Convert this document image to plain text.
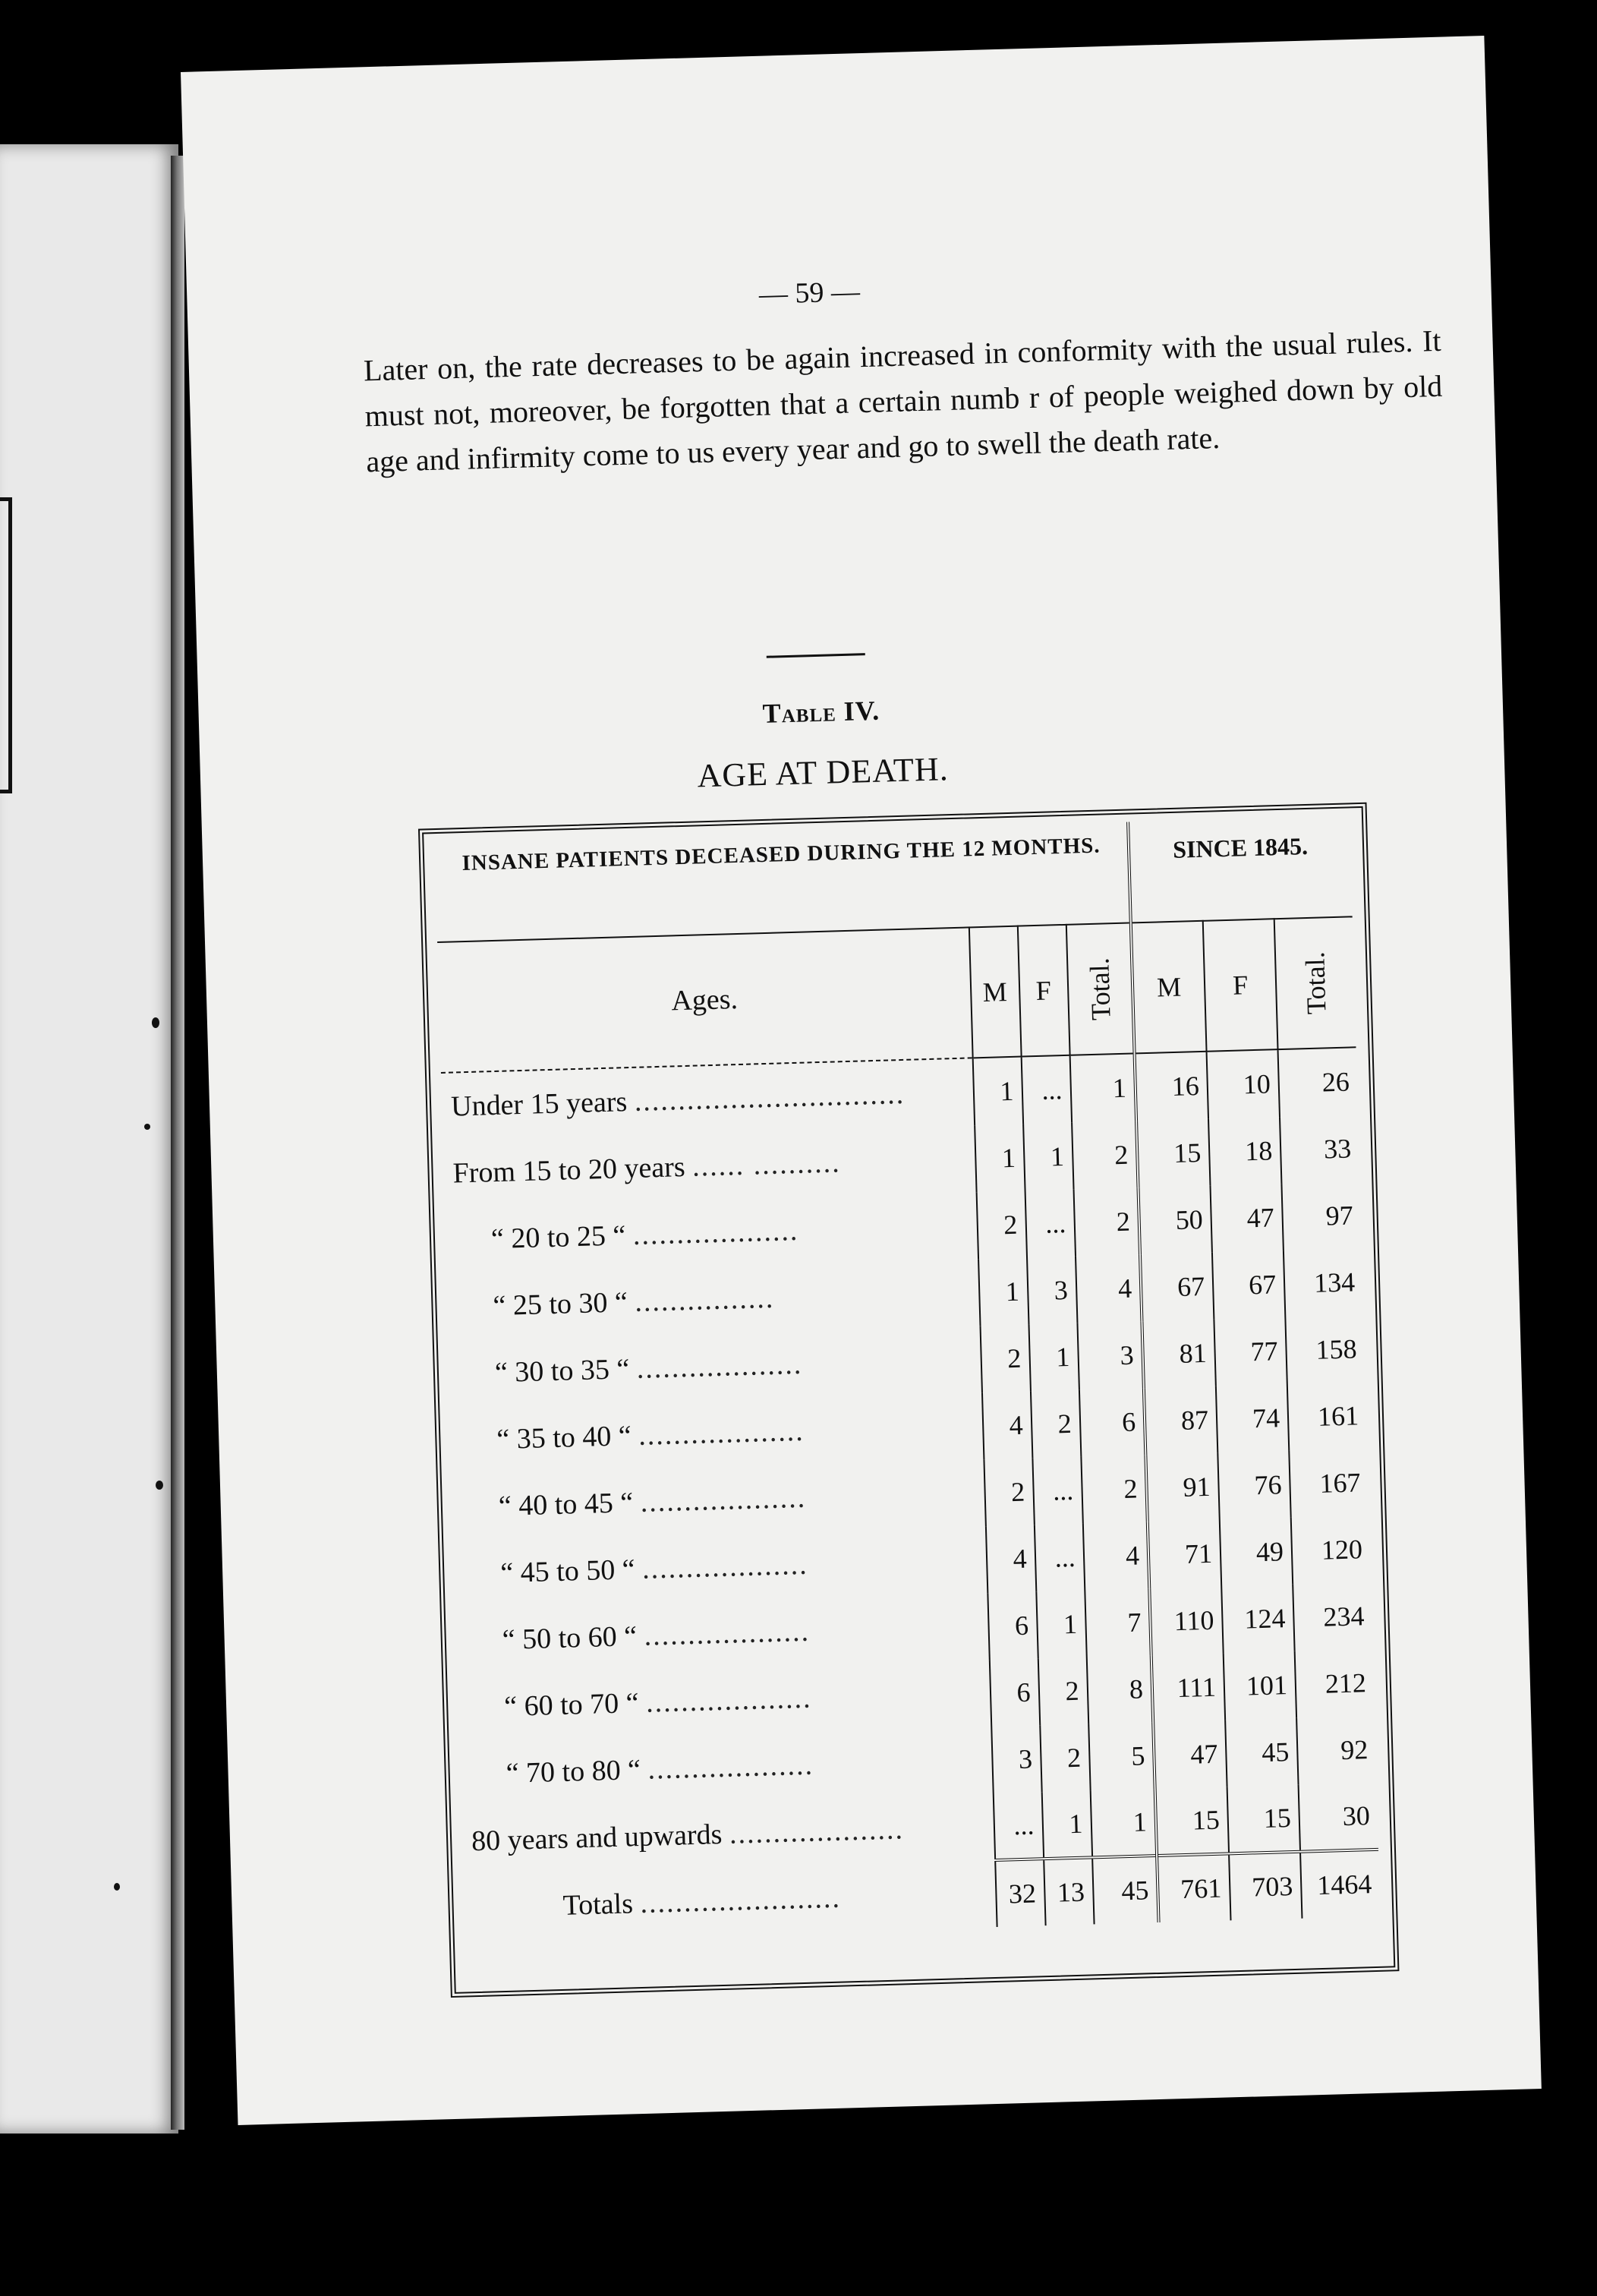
— 59 —
Later on, the rate decreases to be again increased in conformity with the usual rules. It must not, moreover, be forgotten that a certain numb r of people weighed down by old age and infirmity come to us every year and go to swell the death rate.
Table IV.
AGE AT DEATH.
INSANE PATIENTS DECEASED DURING THE 12 MONTHS.				SINCE 1845.		
Ages.	M	F	Total.	M	F	Total.
Under 15 years ...............................	1	...	1	16	10	26
From 15 to 20 years ...... ..........	1	1	2	15	18	33
“ 20 to 25 “ ...................	2	...	2	50	47	97
“ 25 to 30 “ ................	1	3	4	67	67	134
“ 30 to 35 “ ...................	2	1	3	81	77	158
“ 35 to 40 “ ...................	4	2	6	87	74	161
“ 40 to 45 “ ...................	2	...	2	91	76	167
“ 45 to 50 “ ...................	4	...	4	71	49	120
“ 50 to 60 “ ...................	6	1	7	110	124	234
“ 60 to 70 “ ...................	6	2	8	111	101	212
“ 70 to 80 “ ...................	3	2	5	47	45	92
80 years and upwards ....................	...	1	1	15	15	30
Totals .......................	32	13	45	761	703	1464
